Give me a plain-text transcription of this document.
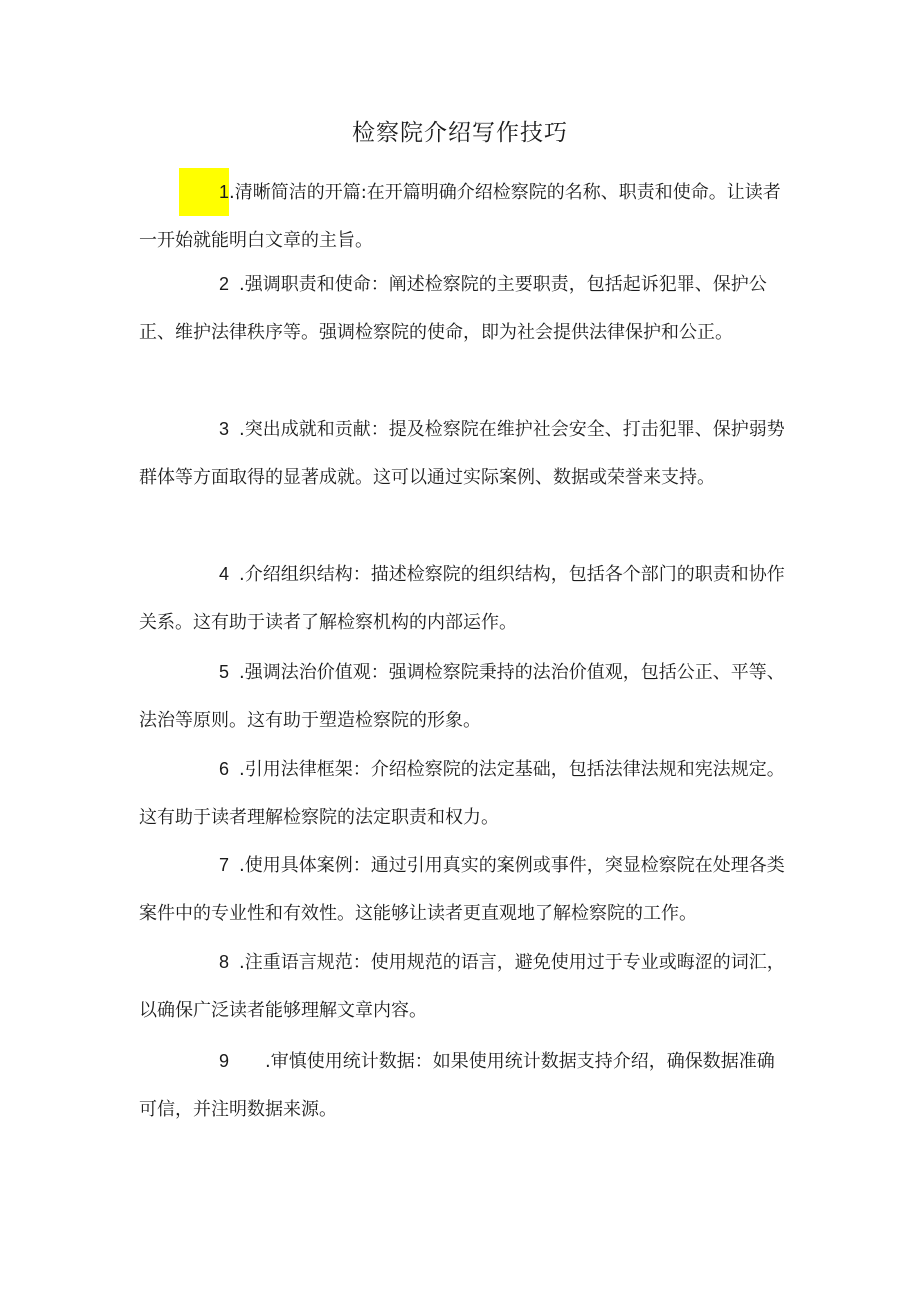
检察院介绍写作技巧

1.清晰简洁的开篇:在开篇明确介绍检察院的名称、职责和使命。让读者一开始就能明白文章的主旨。

2 .强调职责和使命：阐述检察院的主要职责，包括起诉犯罪、保护公正、维护法律秩序等。强调检察院的使命，即为社会提供法律保护和公正。

3 .突出成就和贡献：提及检察院在维护社会安全、打击犯罪、保护弱势群体等方面取得的显著成就。这可以通过实际案例、数据或荣誉来支持。

4 .介绍组织结构：描述检察院的组织结构，包括各个部门的职责和协作关系。这有助于读者了解检察机构的内部运作。

5 .强调法治价值观：强调检察院秉持的法治价值观，包括公正、平等、法治等原则。这有助于塑造检察院的形象。

6 .引用法律框架：介绍检察院的法定基础，包括法律法规和宪法规定。这有助于读者理解检察院的法定职责和权力。

7 .使用具体案例：通过引用真实的案例或事件，突显检察院在处理各类案件中的专业性和有效性。这能够让读者更直观地了解检察院的工作。

8 .注重语言规范：使用规范的语言，避免使用过于专业或晦涩的词汇，以确保广泛读者能够理解文章内容。

9 .审慎使用统计数据：如果使用统计数据支持介绍，确保数据准确可信，并注明数据来源。
